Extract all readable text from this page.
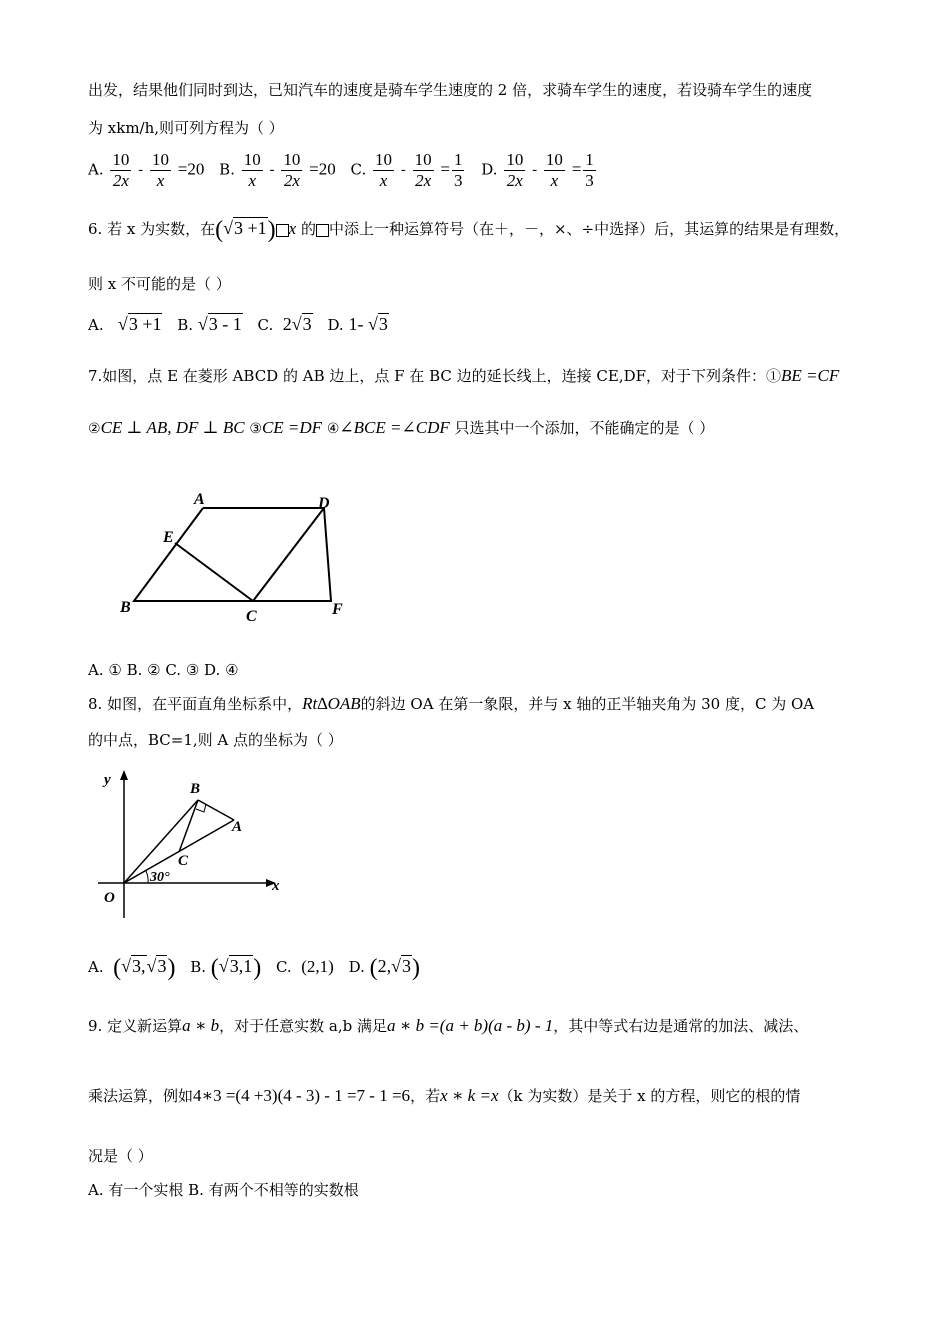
出发，结果他们同时到达，已知汽车的速度是骑车学生速度的 2 倍，求骑车学生的速度，若设骑车学生的速度
为 xkm/h,则可列方程为（ ）
A. $\frac{10}{2x} - \frac{10}{x} =20$ B. $\frac{10}{x} - \frac{10}{2x} =20$ C. $\frac{10}{x} - \frac{10}{2x} = \frac{1}{3} D$. $\frac{10}{2x} - \frac{10}{x} = \frac{1}{3}$
6. 若 x 为实数，在(√3 +1) x 的 中添上一种运算符号（在＋，－，×、÷中选择）后，其运算的结果是有理数，
则 x 不可能的是（ ）
A. √3 +1 B. √3 - 1 C. 2√3 D. 1- √3
7.如图，点 E 在菱形 ABCD 的 AB 边上，点 F 在 BC 边的延长线上，连接 CE,DF，对于下列条件：①BE =CF
②CE ⊥ AB, DF ⊥ BC ③CE =DF ④∠BCE =∠CDF 只选其中一个添加，不能确定的是（ ）
A	D
E
B
C	F
A. ① B. ② C. ③ D. ④
8. 如图，在平面直角坐标系中，Rt∆OAB的斜边 OA 在第一象限，并与 x 轴的正半轴夹角为 30 度，C 为 OA
的中点，BC=1,则 A 点的坐标为（ ）
y
x
O
A
B
C
30°
A. (√3,√3) B. (√3,1) C. (2,1) D. (2,√3)
9. 定义新运算a ∗ b，对于任意实数 a,b 满足a ∗ b =(a + b)(a - b) - 1，其中等式右边是通常的加法、减法、
乘法运算，例如4∗3 =(4 +3)(4 - 3) - 1 =7 - 1 =6，若x ∗ k =x（k 为实数）是关于 x 的方程，则它的根的情
况是（ ）
A. 有一个实根 B. 有两个不相等的实数根
